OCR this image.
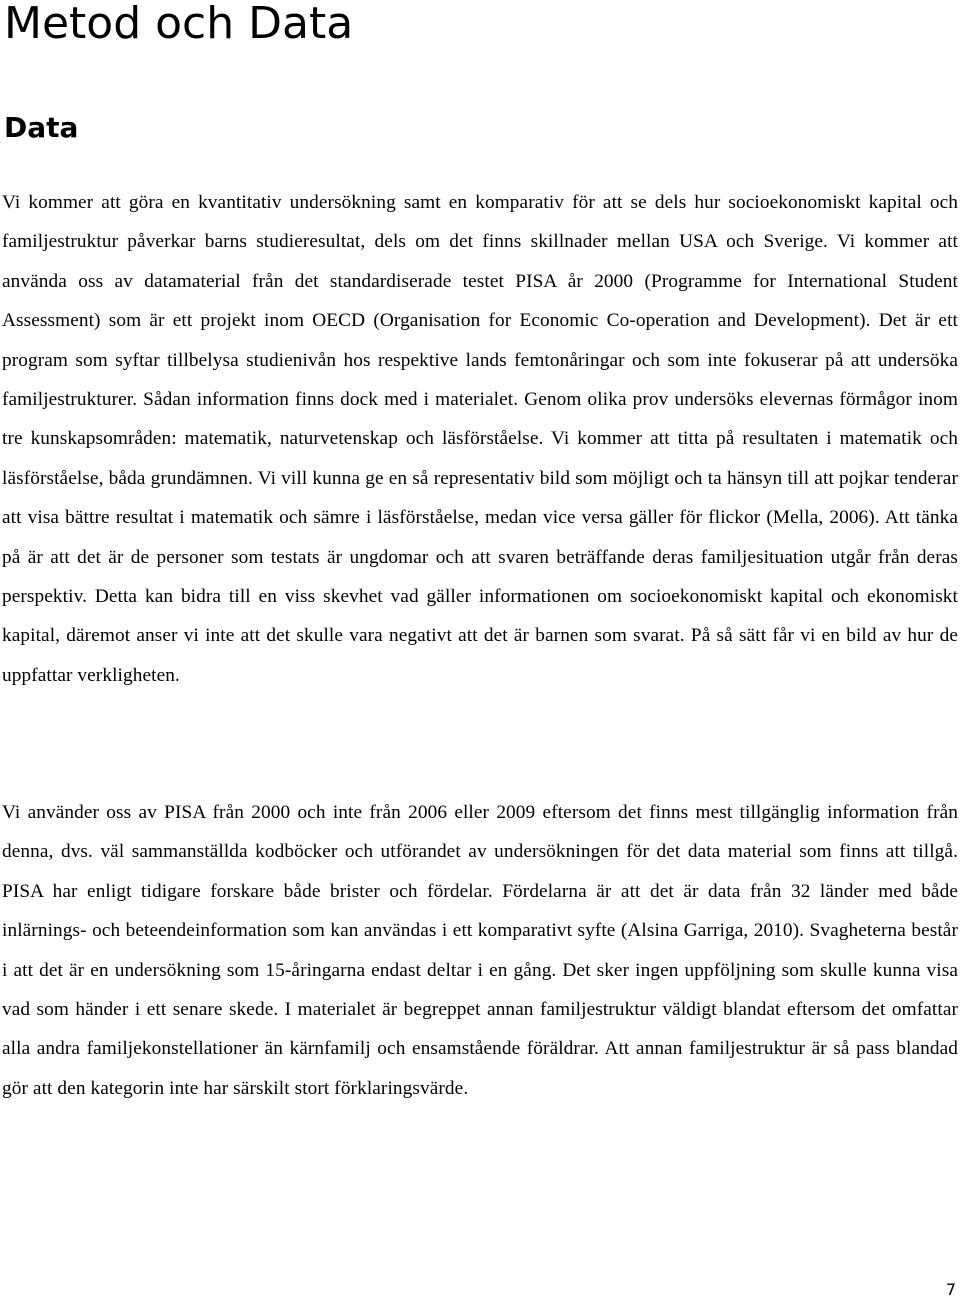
Metod och Data
Data

Vi kommer att göra en kvantitativ undersökning samt en komparativ för att se dels hur socioekonomiskt kapital och familjestruktur påverkar barns studieresultat, dels om det finns skillnader mellan USA och Sverige. Vi kommer att använda oss av datamaterial från det standardiserade testet PISA år 2000 (Programme for International Student Assessment) som är ett projekt inom OECD (Organisation for Economic Co-operation and Development). Det är ett program som syftar tillbelysa studienivån hos respektive lands femtonåringar och som inte fokuserar på att undersöka familjestrukturer. Sådan information finns dock med i materialet. Genom olika prov undersöks elevernas förmågor inom tre kunskapsområden: matematik, naturvetenskap och läsförståelse. Vi kommer att titta på resultaten i matematik och läsförståelse, båda grundämnen. Vi vill kunna ge en så representativ bild som möjligt och ta hänsyn till att pojkar tenderar att visa bättre resultat i matematik och sämre i läsförståelse, medan vice versa gäller för flickor (Mella, 2006). Att tänka på är att det är de personer som testats är ungdomar och att svaren beträffande deras familjesituation utgår från deras perspektiv. Detta kan bidra till en viss skevhet vad gäller informationen om socioekonomiskt kapital och ekonomiskt kapital, däremot anser vi inte att det skulle vara negativt att det är barnen som svarat. På så sätt får vi en bild av hur de uppfattar verkligheten.

Vi använder oss av PISA från 2000 och inte från 2006 eller 2009 eftersom det finns mest tillgänglig information från denna, dvs. väl sammanställda kodböcker och utförandet av undersökningen för det data material som finns att tillgå. PISA har enligt tidigare forskare både brister och fördelar. Fördelarna är att det är data från 32 länder med både inlärnings- och beteendeinformation som kan användas i ett komparativt syfte (Alsina Garriga, 2010). Svagheterna består i att det är en undersökning som 15-åringarna endast deltar i en gång. Det sker ingen uppföljning som skulle kunna visa vad som händer i ett senare skede. I materialet är begreppet annan familjestruktur väldigt blandat eftersom det omfattar alla andra familjekonstellationer än kärnfamilj och ensamstående föräldrar. Att annan familjestruktur är så pass blandad gör att den kategorin inte har särskilt stort förklaringsvärde.

7
